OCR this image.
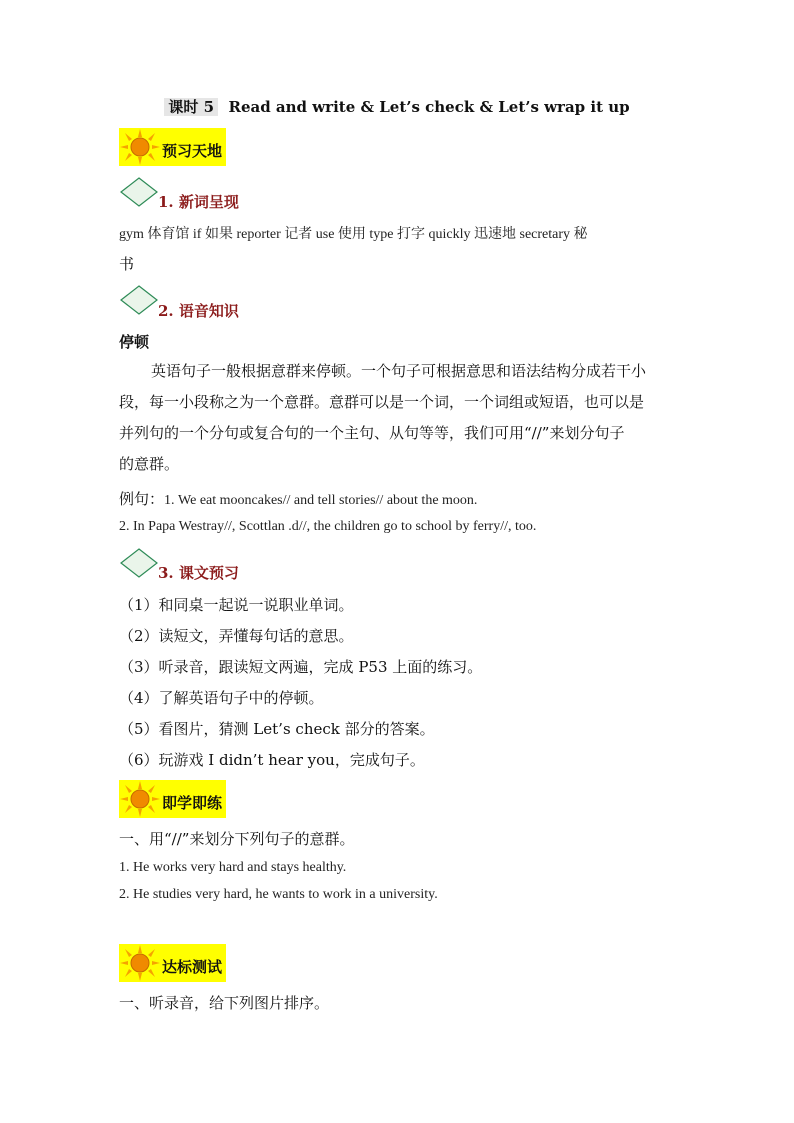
课时 5 Read and write & Let’s check & Let’s wrap it up
预习天地
1. 新词呈现
gym 体育馆 if 如果 reporter 记者 use 使用 type 打字 quickly 迅速地 secretary 秘
书
2. 语音知识
停顿
英语句子一般根据意群来停顿。一个句子可根据意思和语法结构分成若干小
段，每一小段称之为一个意群。意群可以是一个词，一个词组或短语，也可以是
并列句的一个分句或复合句的一个主句、从句等等，我们可用“//”来划分句子
的意群。
例句：1. We eat mooncakes// and tell stories// about the moon.
2. In Papa Westray//, Scottlan .d//, the children go to school by ferry//, too.
3. 课文预习
（1）和同桌一起说一说职业单词。
（2）读短文，弄懂每句话的意思。
（3）听录音，跟读短文两遍，完成 P53 上面的练习。
（4）了解英语句子中的停顿。
（5）看图片，猜测 Let’s check 部分的答案。
（6）玩游戏 I didn’t hear you，完成句子。
即学即练
一、用“//”来划分下列句子的意群。
1. He works very hard and stays healthy.
2. He studies very hard, he wants to work in a university.
达标测试
一、听录音，给下列图片排序。
